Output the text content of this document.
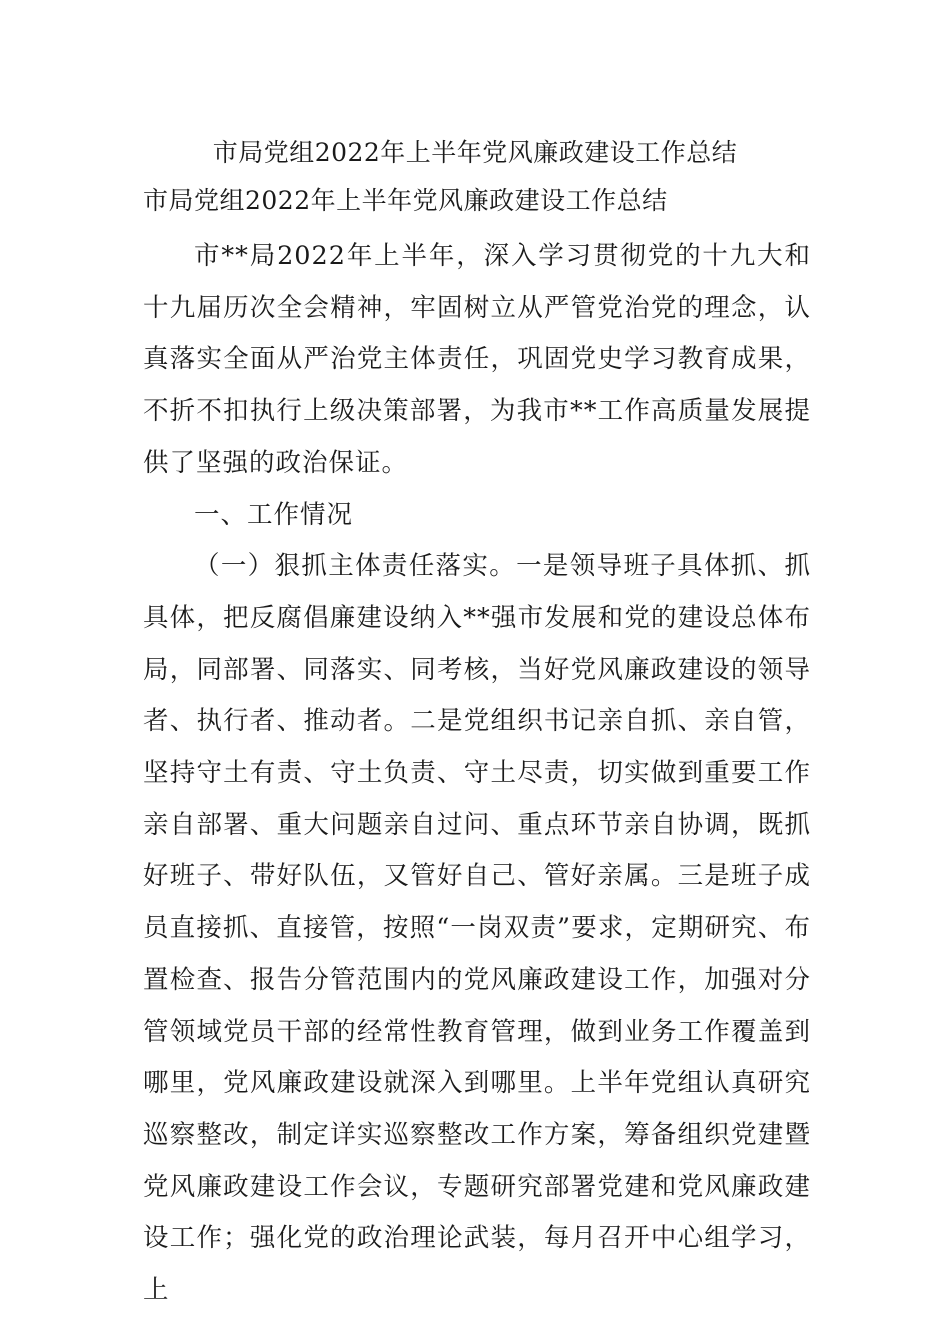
市局党组2022年上半年党风廉政建设工作总结
市局党组2022年上半年党风廉政建设工作总结

市**局2022年上半年，深入学习贯彻党的十九大和十九届历次全会精神，牢固树立从严管党治党的理念，认真落实全面从严治党主体责任，巩固党史学习教育成果，不折不扣执行上级决策部署，为我市**工作高质量发展提供了坚强的政治保证。

一、工作情况

（一）狠抓主体责任落实。一是领导班子具体抓、抓具体，把反腐倡廉建设纳入**强市发展和党的建设总体布局，同部署、同落实、同考核，当好党风廉政建设的领导者、执行者、推动者。二是党组织书记亲自抓、亲自管，坚持守土有责、守土负责、守土尽责，切实做到重要工作亲自部署、重大问题亲自过问、重点环节亲自协调，既抓好班子、带好队伍，又管好自己、管好亲属。三是班子成员直接抓、直接管，按照“一岗双责”要求，定期研究、布置检查、报告分管范围内的党风廉政建设工作，加强对分管领域党员干部的经常性教育管理，做到业务工作覆盖到哪里，党风廉政建设就深入到哪里。上半年党组认真研究巡察整改，制定详实巡察整改工作方案，筹备组织党建暨党风廉政建设工作会议，专题研究部署党建和党风廉政建设工作；强化党的政治理论武装，每月召开中心组学习，上
